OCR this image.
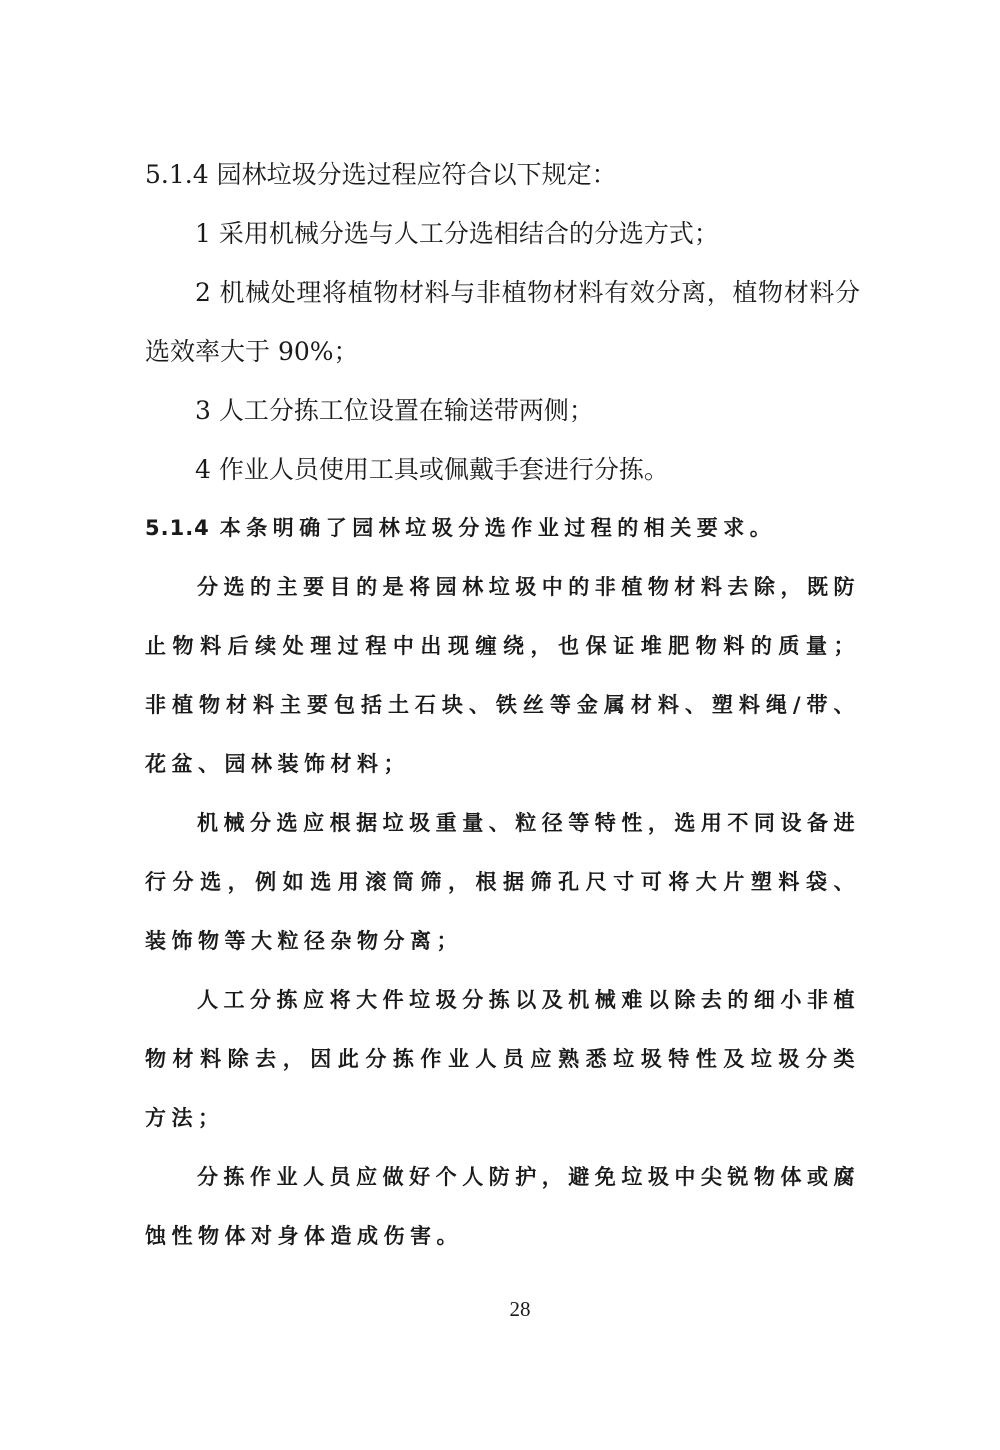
5.1.4 园林垃圾分选过程应符合以下规定：

1 采用机械分选与人工分选相结合的分选方式；

2 机械处理将植物材料与非植物材料有效分离，植物材料分选效率大于 90%；

3 人工分拣工位设置在输送带两侧；

4 作业人员使用工具或佩戴手套进行分拣。

5.1.4 本条明确了园林垃圾分选作业过程的相关要求。

分选的主要目的是将园林垃圾中的非植物材料去除，既防止物料后续处理过程中出现缠绕，也保证堆肥物料的质量；非植物材料主要包括土石块、铁丝等金属材料、塑料绳/带、花盆、园林装饰材料；

机械分选应根据垃圾重量、粒径等特性，选用不同设备进行分选，例如选用滚筒筛，根据筛孔尺寸可将大片塑料袋、装饰物等大粒径杂物分离；

人工分拣应将大件垃圾分拣以及机械难以除去的细小非植物材料除去，因此分拣作业人员应熟悉垃圾特性及垃圾分类方法；

分拣作业人员应做好个人防护，避免垃圾中尖锐物体或腐蚀性物体对身体造成伤害。

28
